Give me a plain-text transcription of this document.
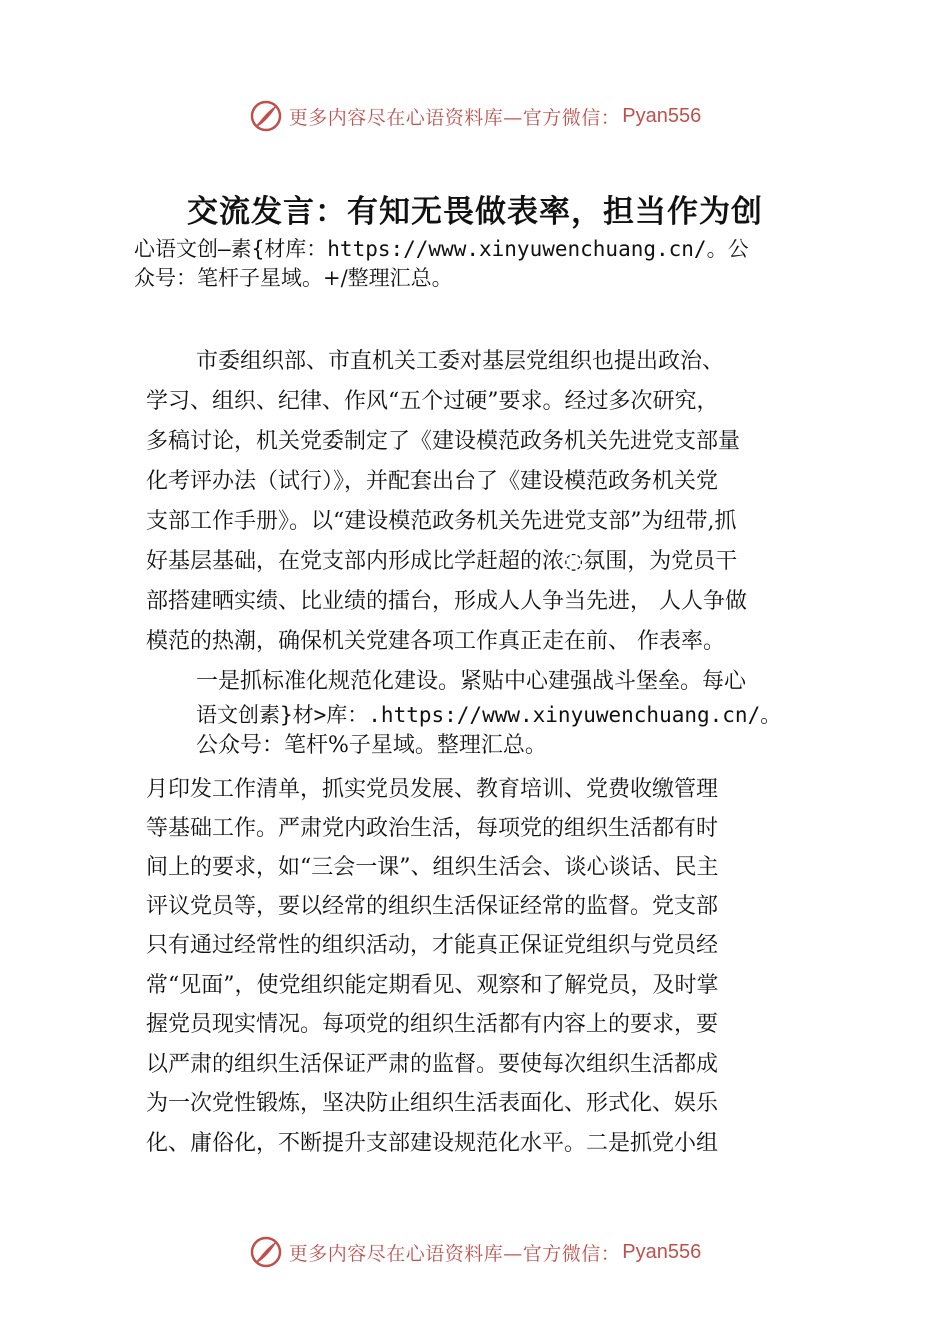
更多内容尽在心语资料库—官方微信： Pyan556
交流发言：有知无畏做表率，担当作为创
心语文创—素{材库：https://www.xinyuwenchuang.cn/。公
众号：笔杆子星域。+/整理汇总。
市委组织部、市直机关工委对基层党组织也提出政治、
学习、组织、纪律、作风“五个过硬”要求。经过多次研究，
多稿讨论，机关党委制定了《建设模范政务机关先进党支部量
化考评办法（试行）》，并配套出台了《建设模范政务机关党
支部工作手册》。以“建设模范政务机关先进党支部”为纽带,抓
好基层基础，在党支部内形成比学赶超的浓◌氛围，为党员干
部搭建晒实绩、比业绩的擂台，形成人人争当先进， 人人争做
模范的热潮，确保机关党建各项工作真正走在前、 作表率。
一是抓标准化规范化建设。紧贴中心建强战斗堡垒。每心
语文创素}材>库：.https://www.xinyuwenchuang.cn/。
公众号：笔杆%子星域。整理汇总。
月印发工作清单，抓实党员发展、教育培训、党费收缴管理
等基础工作。严肃党内政治生活，每项党的组织生活都有时
间上的要求，如“三会一课”、组织生活会、谈心谈话、民主
评议党员等，要以经常的组织生活保证经常的监督。党支部
只有通过经常性的组织活动，才能真正保证党组织与党员经
常“见面”，使党组织能定期看见、观察和了解党员，及时掌
握党员现实情况。每项党的组织生活都有内容上的要求，要
以严肃的组织生活保证严肃的监督。要使每次组织生活都成
为一次党性锻炼，坚决防止组织生活表面化、形式化、娱乐
化、庸俗化，不断提升支部建设规范化水平。二是抓党小组
更多内容尽在心语资料库—官方微信： Pyan556
